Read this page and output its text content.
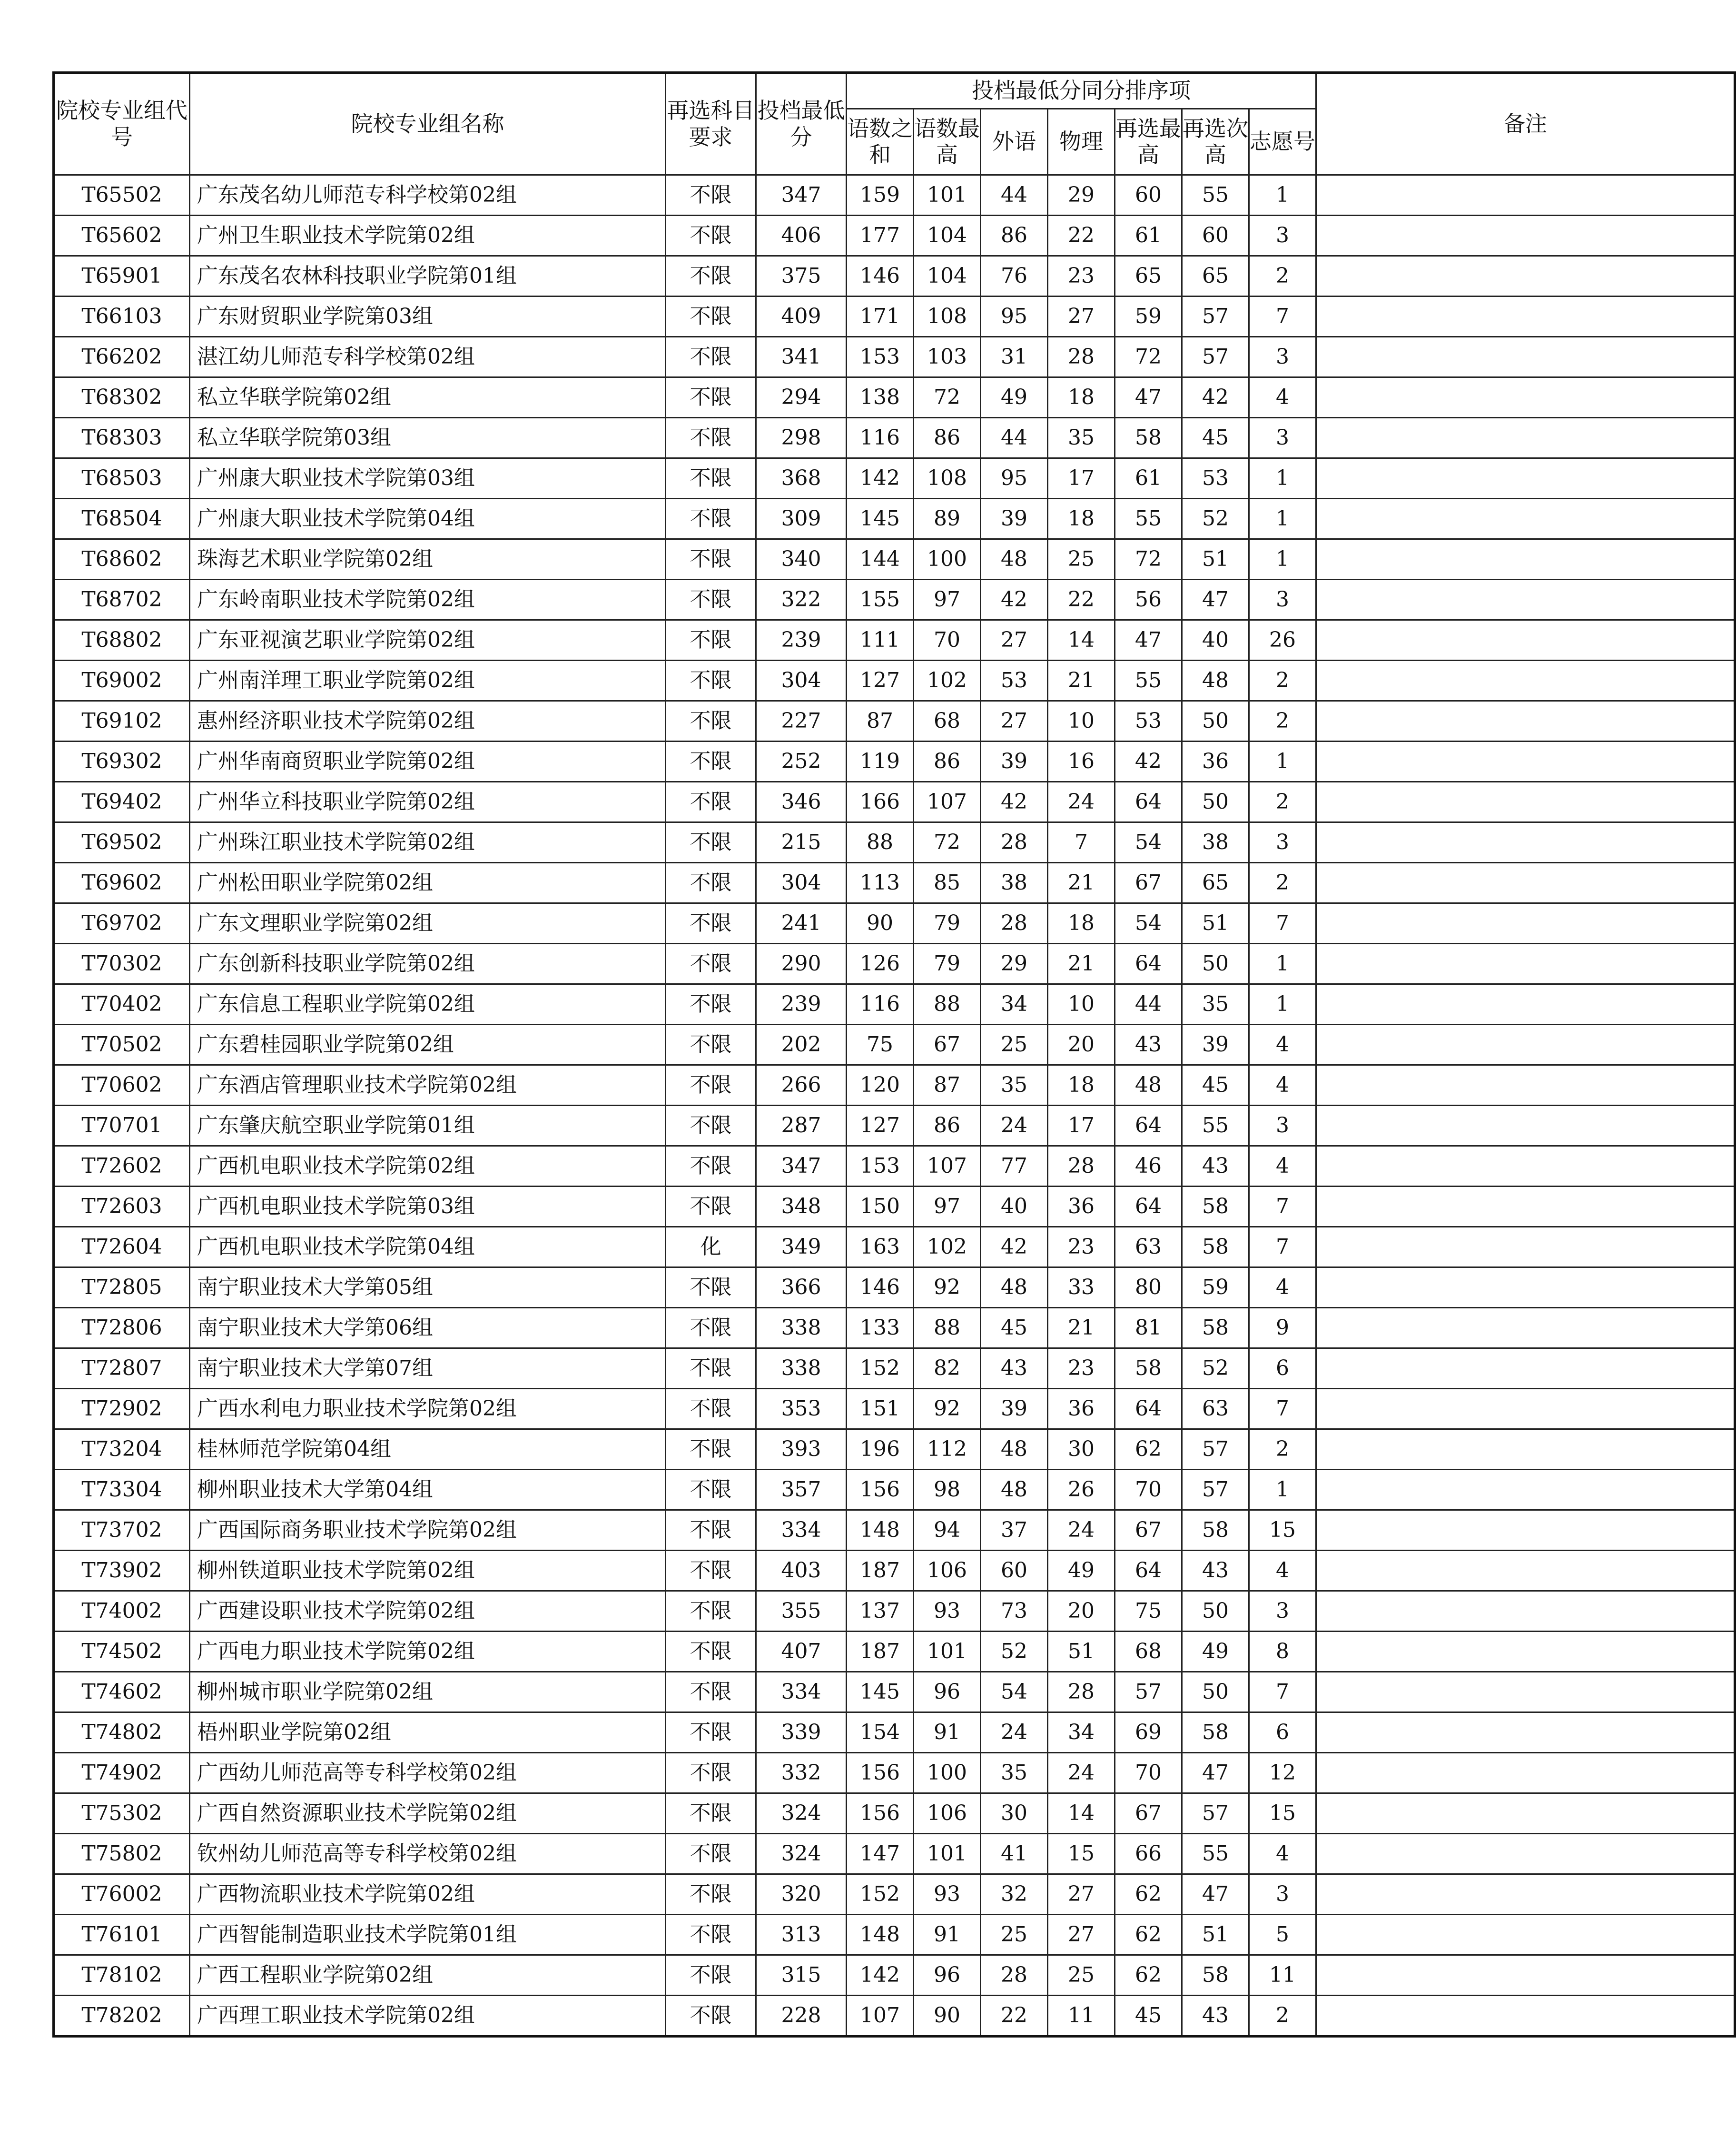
院校专业组代号	院校专业组名称	再选科目要求	投档最低分	投档最低分同分排序项							备注
				语数之和	语数最高	外语	物理	再选最高	再选次高	志愿号	
T65502	广东茂名幼儿师范专科学校第02组	不限	347	159	101	44	29	60	55	1	
T65602	广州卫生职业技术学院第02组	不限	406	177	104	86	22	61	60	3	
T65901	广东茂名农林科技职业学院第01组	不限	375	146	104	76	23	65	65	2	
T66103	广东财贸职业学院第03组	不限	409	171	108	95	27	59	57	7	
T66202	湛江幼儿师范专科学校第02组	不限	341	153	103	31	28	72	57	3	
T68302	私立华联学院第02组	不限	294	138	72	49	18	47	42	4	
T68303	私立华联学院第03组	不限	298	116	86	44	35	58	45	3	
T68503	广州康大职业技术学院第03组	不限	368	142	108	95	17	61	53	1	
T68504	广州康大职业技术学院第04组	不限	309	145	89	39	18	55	52	1	
T68602	珠海艺术职业学院第02组	不限	340	144	100	48	25	72	51	1	
T68702	广东岭南职业技术学院第02组	不限	322	155	97	42	22	56	47	3	
T68802	广东亚视演艺职业学院第02组	不限	239	111	70	27	14	47	40	26	
T69002	广州南洋理工职业学院第02组	不限	304	127	102	53	21	55	48	2	
T69102	惠州经济职业技术学院第02组	不限	227	87	68	27	10	53	50	2	
T69302	广州华南商贸职业学院第02组	不限	252	119	86	39	16	42	36	1	
T69402	广州华立科技职业学院第02组	不限	346	166	107	42	24	64	50	2	
T69502	广州珠江职业技术学院第02组	不限	215	88	72	28	7	54	38	3	
T69602	广州松田职业学院第02组	不限	304	113	85	38	21	67	65	2	
T69702	广东文理职业学院第02组	不限	241	90	79	28	18	54	51	7	
T70302	广东创新科技职业学院第02组	不限	290	126	79	29	21	64	50	1	
T70402	广东信息工程职业学院第02组	不限	239	116	88	34	10	44	35	1	
T70502	广东碧桂园职业学院第02组	不限	202	75	67	25	20	43	39	4	
T70602	广东酒店管理职业技术学院第02组	不限	266	120	87	35	18	48	45	4	
T70701	广东肇庆航空职业学院第01组	不限	287	127	86	24	17	64	55	3	
T72602	广西机电职业技术学院第02组	不限	347	153	107	77	28	46	43	4	
T72603	广西机电职业技术学院第03组	不限	348	150	97	40	36	64	58	7	
T72604	广西机电职业技术学院第04组	化	349	163	102	42	23	63	58	7	
T72805	南宁职业技术大学第05组	不限	366	146	92	48	33	80	59	4	
T72806	南宁职业技术大学第06组	不限	338	133	88	45	21	81	58	9	
T72807	南宁职业技术大学第07组	不限	338	152	82	43	23	58	52	6	
T72902	广西水利电力职业技术学院第02组	不限	353	151	92	39	36	64	63	7	
T73204	桂林师范学院第04组	不限	393	196	112	48	30	62	57	2	
T73304	柳州职业技术大学第04组	不限	357	156	98	48	26	70	57	1	
T73702	广西国际商务职业技术学院第02组	不限	334	148	94	37	24	67	58	15	
T73902	柳州铁道职业技术学院第02组	不限	403	187	106	60	49	64	43	4	
T74002	广西建设职业技术学院第02组	不限	355	137	93	73	20	75	50	3	
T74502	广西电力职业技术学院第02组	不限	407	187	101	52	51	68	49	8	
T74602	柳州城市职业学院第02组	不限	334	145	96	54	28	57	50	7	
T74802	梧州职业学院第02组	不限	339	154	91	24	34	69	58	6	
T74902	广西幼儿师范高等专科学校第02组	不限	332	156	100	35	24	70	47	12	
T75302	广西自然资源职业技术学院第02组	不限	324	156	106	30	14	67	57	15	
T75802	钦州幼儿师范高等专科学校第02组	不限	324	147	101	41	15	66	55	4	
T76002	广西物流职业技术学院第02组	不限	320	152	93	32	27	62	47	3	
T76101	广西智能制造职业技术学院第01组	不限	313	148	91	25	27	62	51	5	
T78102	广西工程职业学院第02组	不限	315	142	96	28	25	62	58	11	
T78202	广西理工职业技术学院第02组	不限	228	107	90	22	11	45	43	2	
